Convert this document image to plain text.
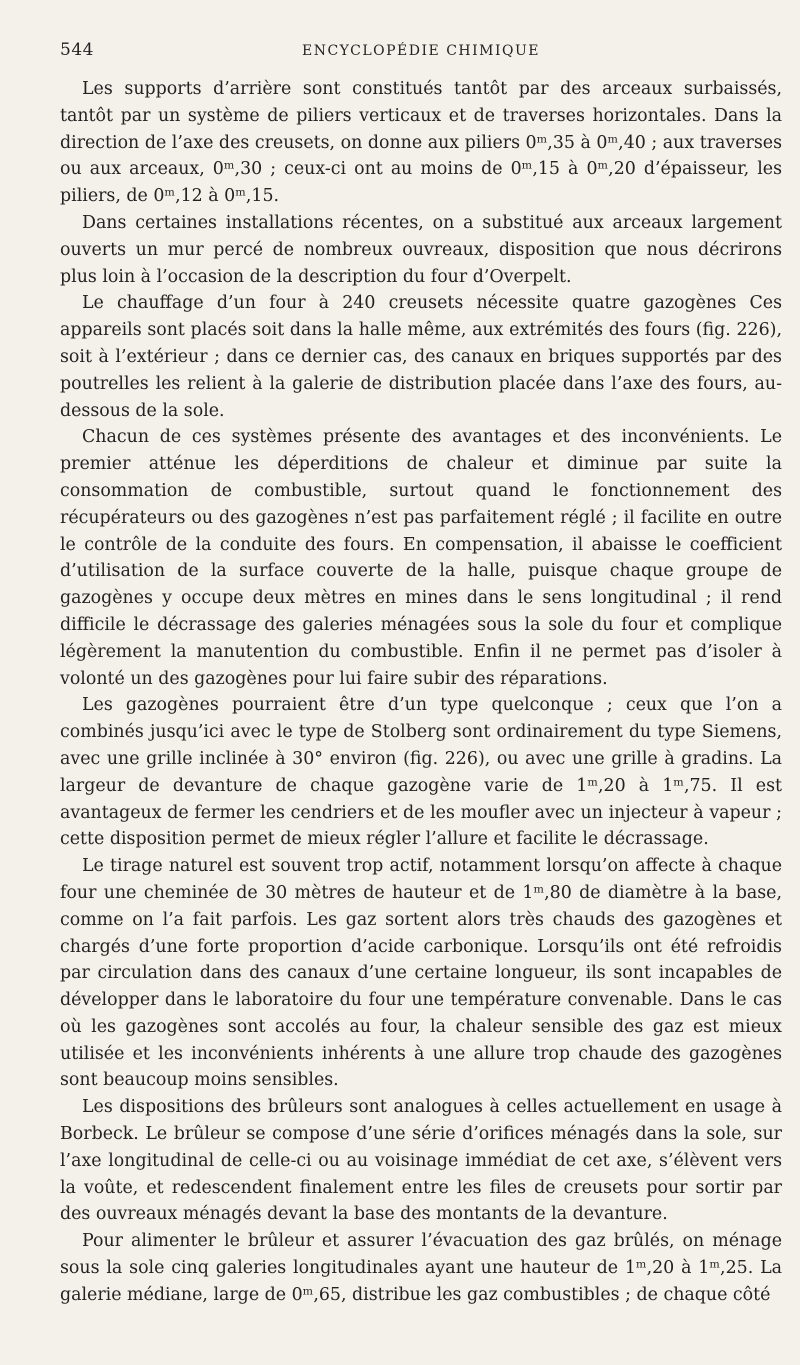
544	ENCYCLOPÉDIE CHIMIQUE

Les supports d’arrière sont constitués tantôt par des arceaux surbaissés, tantôt par un système de piliers verticaux et de traverses horizontales. Dans la direction de l’axe des creusets, on donne aux piliers 0ᵐ,35 à 0ᵐ,40 ; aux traverses ou aux arceaux, 0ᵐ,30 ; ceux-ci ont au moins de 0ᵐ,15 à 0ᵐ,20 d’épaisseur, les piliers, de 0ᵐ,12 à 0ᵐ,15.

Dans certaines installations récentes, on a substitué aux arceaux largement ouverts un mur percé de nombreux ouvreaux, disposition que nous décrirons plus loin à l’occasion de la description du four d’Overpelt.

Le chauffage d’un four à 240 creusets nécessite quatre gazogènes Ces appareils sont placés soit dans la halle même, aux extrémités des fours (fig. 226), soit à l’extérieur ; dans ce dernier cas, des canaux en briques supportés par des poutrelles les relient à la galerie de distribution placée dans l’axe des fours, au-dessous de la sole.

Chacun de ces systèmes présente des avantages et des inconvénients. Le premier atténue les déperditions de chaleur et diminue par suite la consommation de combustible, surtout quand le fonctionnement des récupérateurs ou des gazogènes n’est pas parfaitement réglé ; il facilite en outre le contrôle de la conduite des fours. En compensation, il abaisse le coefficient d’utilisation de la surface couverte de la halle, puisque chaque groupe de gazogènes y occupe deux mètres en mines dans le sens longitudinal ; il rend difficile le décrassage des galeries ménagées sous la sole du four et complique légèrement la manutention du combustible. Enfin il ne permet pas d’isoler à volonté un des gazogènes pour lui faire subir des réparations.

Les gazogènes pourraient être d’un type quelconque ; ceux que l’on a combinés jusqu’ici avec le type de Stolberg sont ordinairement du type Siemens, avec une grille inclinée à 30° environ (fig. 226), ou avec une grille à gradins. La largeur de devanture de chaque gazogène varie de 1ᵐ,20 à 1ᵐ,75. Il est avantageux de fermer les cendriers et de les moufler avec un injecteur à vapeur ; cette disposition permet de mieux régler l’allure et facilite le décrassage.

Le tirage naturel est souvent trop actif, notamment lorsqu’on affecte à chaque four une cheminée de 30 mètres de hauteur et de 1ᵐ,80 de diamètre à la base, comme on l’a fait parfois. Les gaz sortent alors très chauds des gazogènes et chargés d’une forte proportion d’acide carbonique. Lorsqu’ils ont été refroidis par circulation dans des canaux d’une certaine longueur, ils sont incapables de développer dans le laboratoire du four une température convenable. Dans le cas où les gazogènes sont accolés au four, la chaleur sensible des gaz est mieux utilisée et les inconvénients inhérents à une allure trop chaude des gazogènes sont beaucoup moins sensibles.

Les dispositions des brûleurs sont analogues à celles actuellement en usage à Borbeck. Le brûleur se compose d’une série d’orifices ménagés dans la sole, sur l’axe longitudinal de celle-ci ou au voisinage immédiat de cet axe, s’élèvent vers la voûte, et redescendent finalement entre les files de creusets pour sortir par des ouvreaux ménagés devant la base des montants de la devanture.

Pour alimenter le brûleur et assurer l’évacuation des gaz brûlés, on ménage sous la sole cinq galeries longitudinales ayant une hauteur de 1ᵐ,20 à 1ᵐ,25. La galerie médiane, large de 0ᵐ,65, distribue les gaz combustibles ; de chaque côté
